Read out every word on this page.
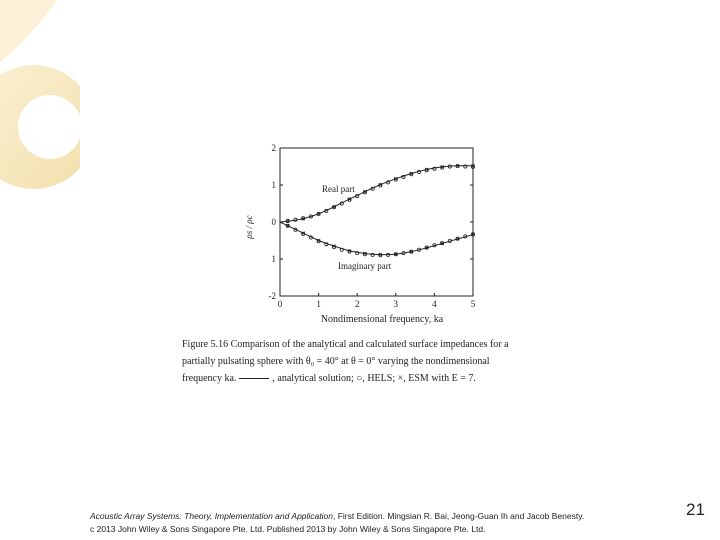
0	1	2	3	4	5
2
1
0
1
-2
Real part
Imaginary part
ρs / ρc
Nondimensional frequency, ka
Figure 5.16 Comparison of the analytical and calculated surface impedances for a
partially pulsating sphere with θ₀ = 40° at θ = 0° varying the nondimensional
frequency ka.	, analytical solution; ○, HELS; ×, ESM with E = 7.
Acoustic Array Systems: Theory, Implementation and Application, First Edition. Mingsian R. Bai, Jeong-Guan Ih and Jacob Benesty.
c 2013 John Wiley & Sons Singapore Pte. Ltd. Published 2013 by John Wiley & Sons Singapore Pte. Ltd.
21
